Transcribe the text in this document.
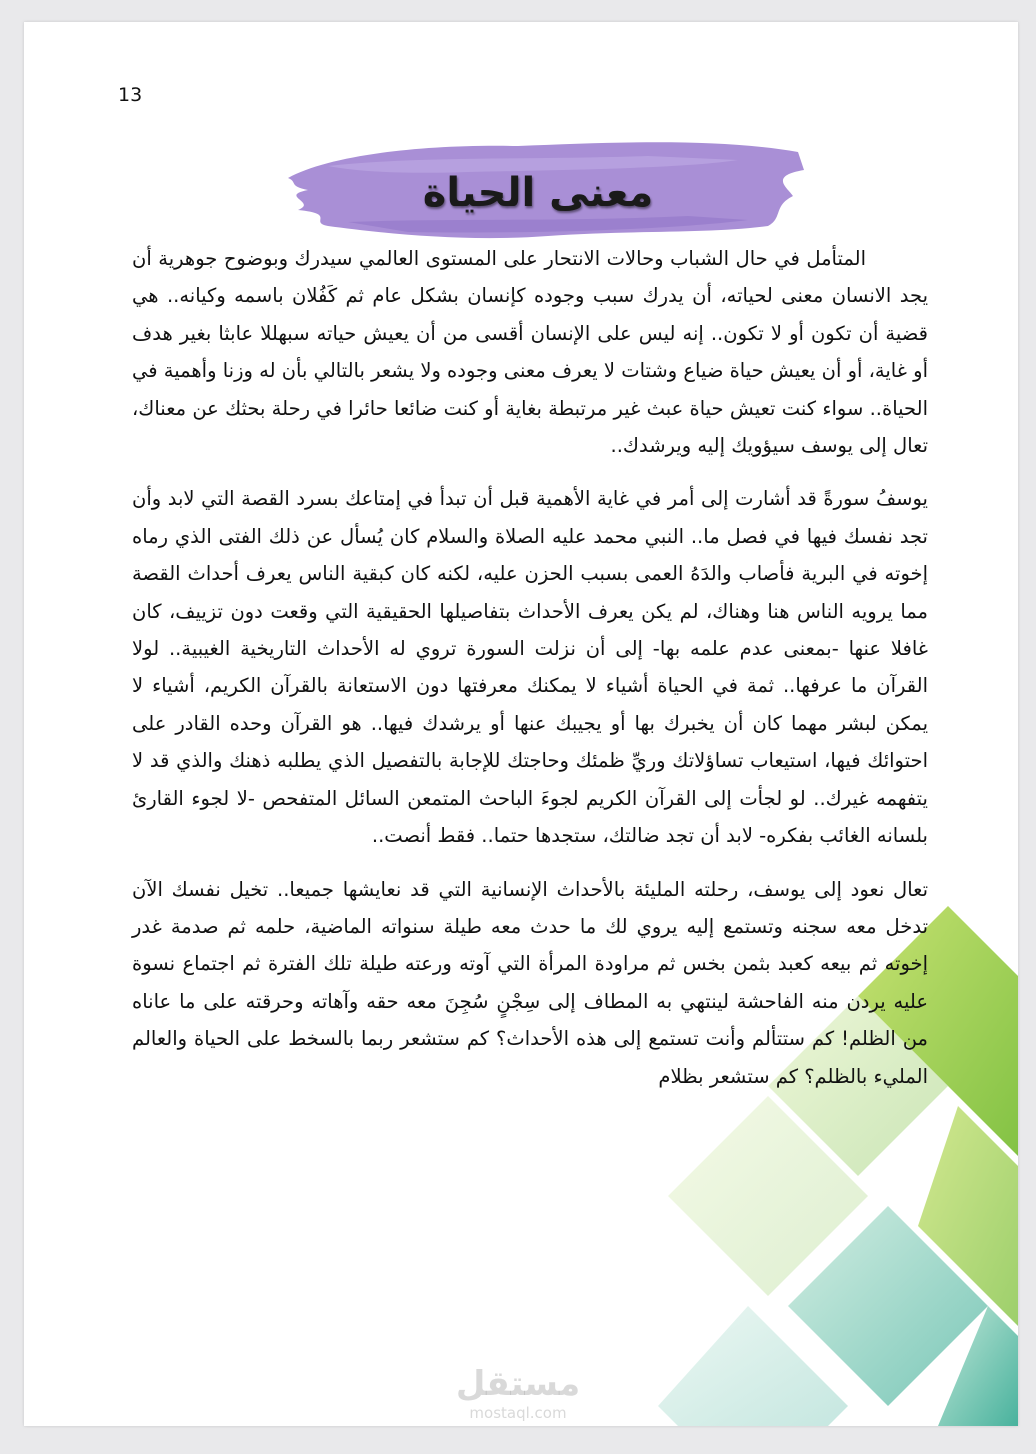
13
معنى الحياة

المتأمل في حال الشباب وحالات الانتحار على المستوى العالمي سيدرك وبوضوح جوهرية أن يجد الانسان معنى لحياته، أن يدرك سبب وجوده كإنسان بشكل عام ثم كَفُلان باسمه وكيانه.. هي قضية أن تكون أو لا تكون.. إنه ليس على الإنسان أقسى من أن يعيش حياته سبهللا عابثا بغير هدف أو غاية، أو أن يعيش حياة ضياع وشتات لا يعرف معنى وجوده ولا يشعر بالتالي بأن له وزنا وأهمية في الحياة.. سواء كنت تعيش حياة عبث غير مرتبطة بغاية أو كنت ضائعا حائرا في رحلة بحثك عن معناك، تعال إلى يوسف سيؤويك إليه ويرشدك..

يوسفُ سورةً قد أشارت إلى أمر في غاية الأهمية قبل أن تبدأ في إمتاعك بسرد القصة التي لابد وأن تجد نفسك فيها في فصل ما.. النبي محمد عليه الصلاة والسلام كان يُسأل عن ذلك الفتى الذي رماه إخوته في البرية فأصاب والدَهُ العمى بسبب الحزن عليه، لكنه كان كبقية الناس يعرف أحداث القصة مما يرويه الناس هنا وهناك، لم يكن يعرف الأحداث بتفاصيلها الحقيقية التي وقعت دون تزييف، كان غافلا عنها -بمعنى عدم علمه بها- إلى أن نزلت السورة تروي له الأحداث التاريخية الغيبية.. لولا القرآن ما عرفها.. ثمة في الحياة أشياء لا يمكنك معرفتها دون الاستعانة بالقرآن الكريم، أشياء لا يمكن لبشر مهما كان أن يخبرك بها أو يجيبك عنها أو يرشدك فيها.. هو القرآن وحده القادر على احتوائك فيها، استيعاب تساؤلاتك وريِّ ظمئك وحاجتك للإجابة بالتفصيل الذي يطلبه ذهنك والذي قد لا يتفهمه غيرك.. لو لجأت إلى القرآن الكريم لجوءَ الباحث المتمعن السائل المتفحص -لا لجوء القارئ بلسانه الغائب بفكره- لابد أن تجد ضالتك، ستجدها حتما.. فقط أنصت..

تعال نعود إلى يوسف، رحلته المليئة بالأحداث الإنسانية التي قد نعايشها جميعا.. تخيل نفسك الآن تدخل معه سجنه وتستمع إليه يروي لك ما حدث معه طيلة سنواته الماضية، حلمه ثم صدمة غدر إخوته ثم بيعه كعبد بثمن بخس ثم مراودة المرأة التي آوته ورعته طيلة تلك الفترة ثم اجتماع نسوة عليه يردن منه الفاحشة لينتهي به المطاف إلى سِجْنٍ سُجِنَ معه حقه وآهاته وحرقته على ما عاناه من الظلم! كم ستتألم وأنت تستمع إلى هذه الأحداث؟ كم ستشعر ربما بالسخط على الحياة والعالم المليء بالظلم؟ كم ستشعر بظلام

مستقل
mostaql.com
